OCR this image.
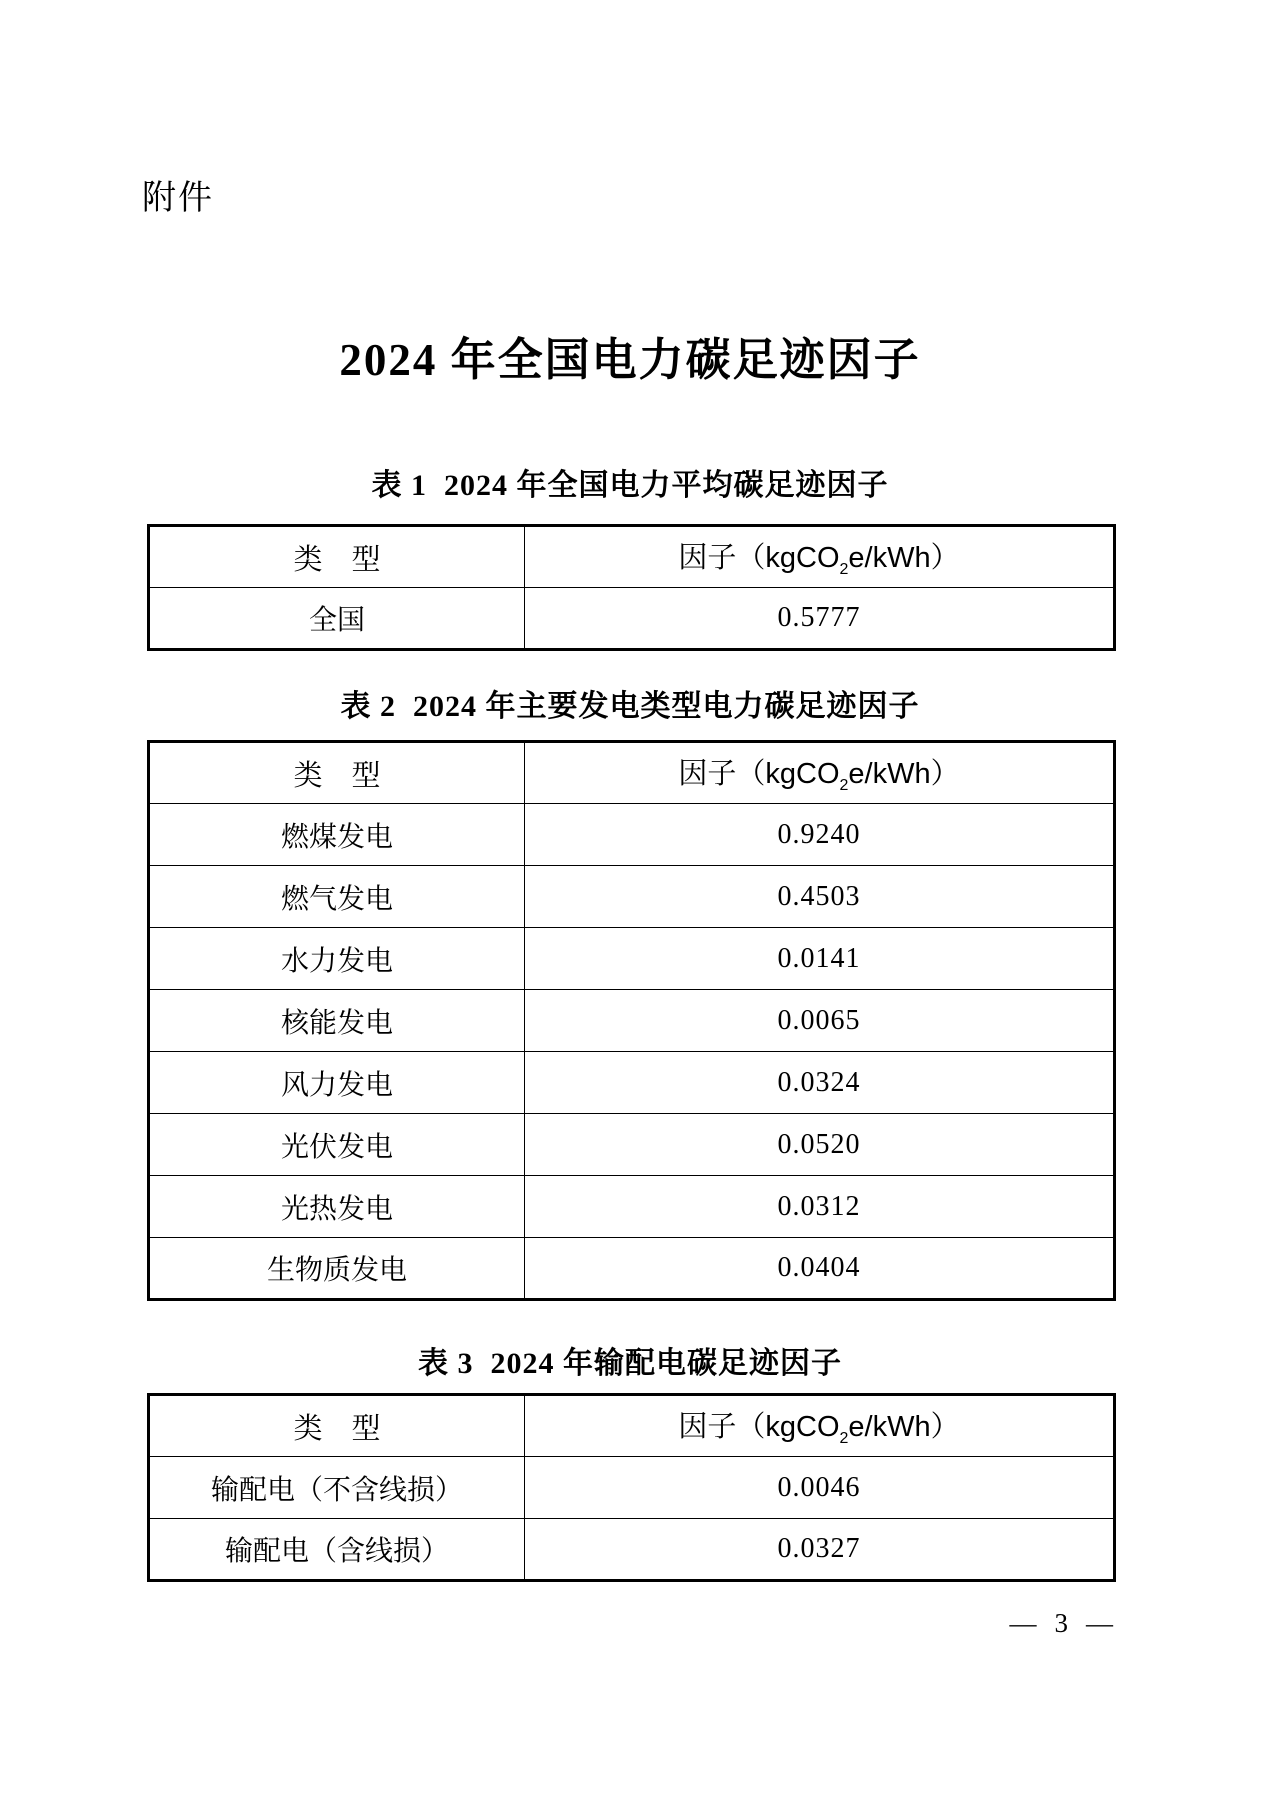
附件
2024 年全国电力碳足迹因子
表 1  2024 年全国电力平均碳足迹因子
类　型	因子（kgCO$_2$e/kWh）
全国	0.5777
表 2  2024 年主要发电类型电力碳足迹因子
类　型	因子（kgCO$_2$e/kWh）
燃煤发电	0.9240
燃气发电	0.4503
水力发电	0.0141
核能发电	0.0065
风力发电	0.0324
光伏发电	0.0520
光热发电	0.0312
生物质发电	0.0404
表 3  2024 年输配电碳足迹因子
类　型	因子（kgCO$_2$e/kWh）
输配电（不含线损）	0.0046
输配电（含线损）	0.0327
— 3 —
